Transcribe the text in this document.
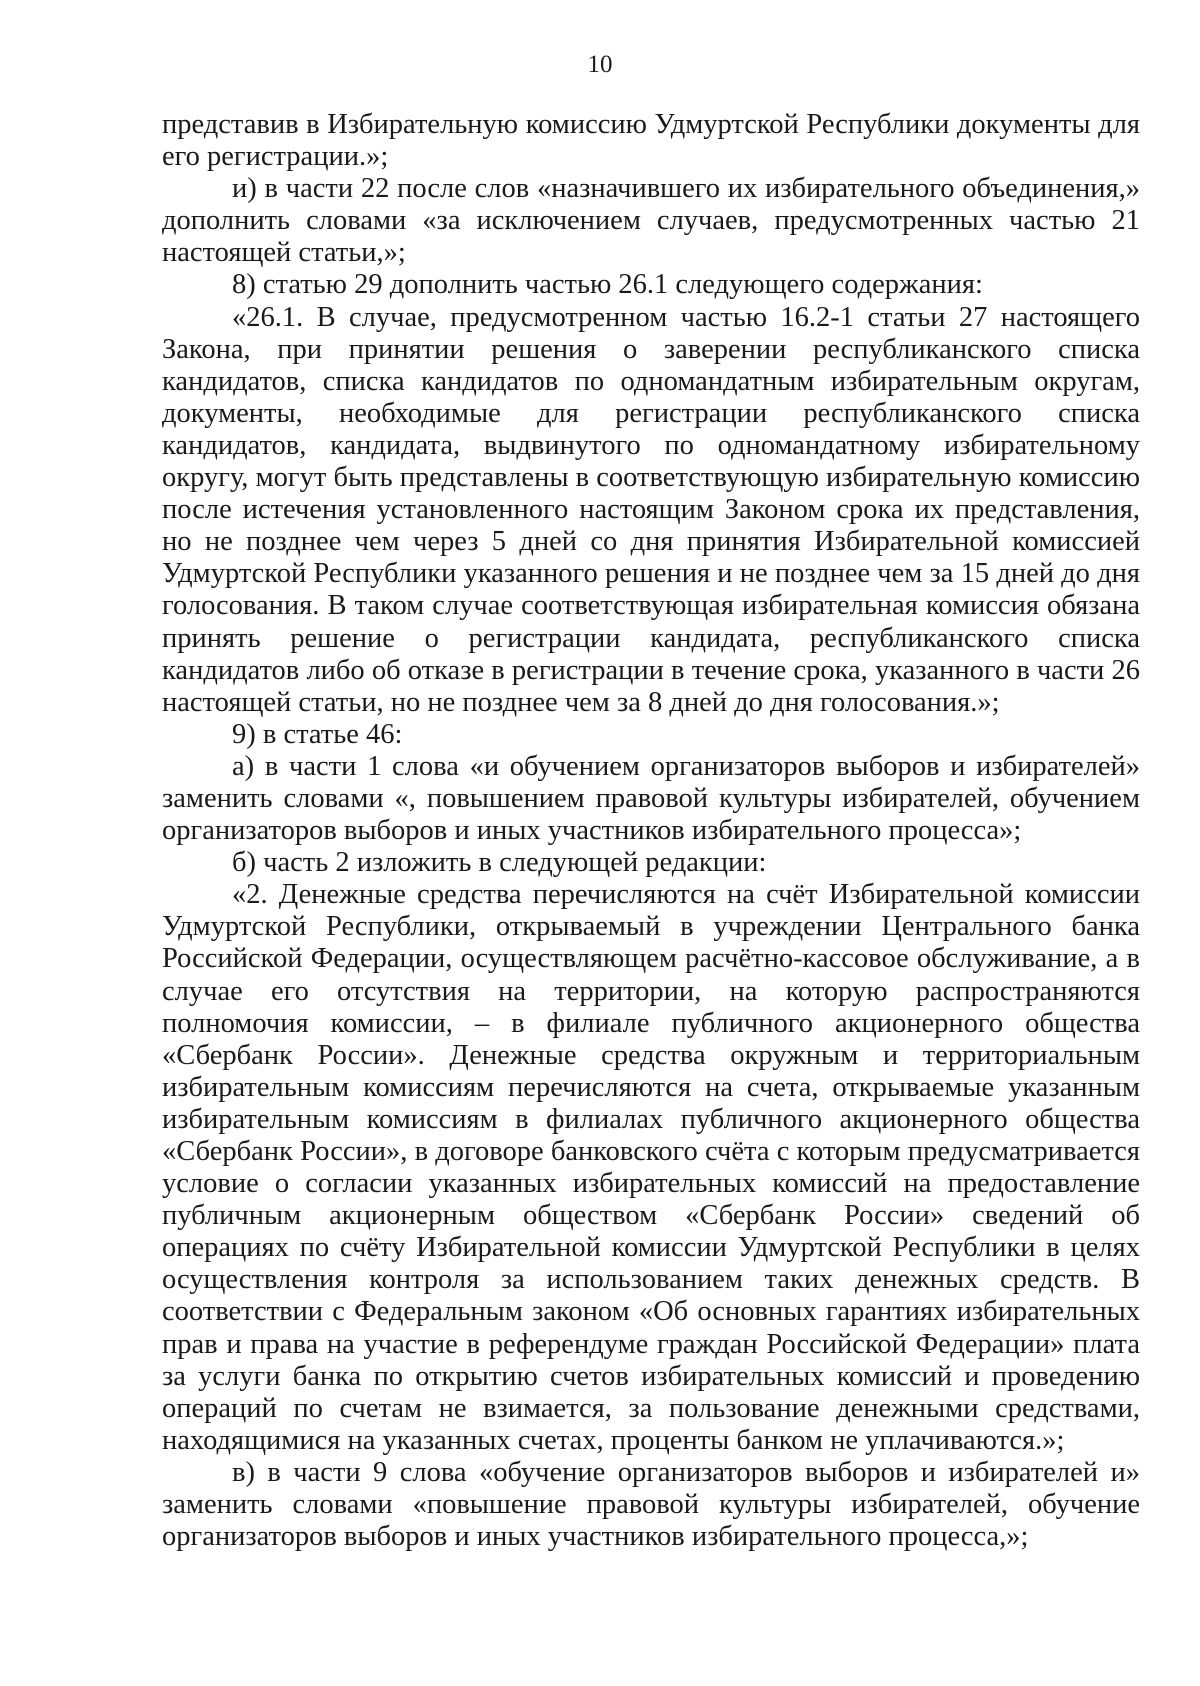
10

представив в Избирательную комиссию Удмуртской Республики документы для его регистрации.»;

и) в части 22 после слов «назначившего их избирательного объединения,» дополнить словами «за исключением случаев, предусмотренных частью 21 настоящей статьи,»;

8) статью 29 дополнить частью 26.1 следующего содержания:

«26.1. В случае, предусмотренном частью 16.2-1 статьи 27 настоящего Закона, при принятии решения о заверении республиканского списка кандидатов, списка кандидатов по одномандатным избирательным округам, документы, необходимые для регистрации республиканского списка кандидатов, кандидата, выдвинутого по одномандатному избирательному округу, могут быть представлены в соответствующую избирательную комиссию после истечения установленного настоящим Законом срока их представления, но не позднее чем через 5 дней со дня принятия Избирательной комиссией Удмуртской Республики указанного решения и не позднее чем за 15 дней до дня голосования. В таком случае соответствующая избирательная комиссия обязана принять решение о регистрации кандидата, республиканского списка кандидатов либо об отказе в регистрации в течение срока, указанного в части 26 настоящей статьи, но не позднее чем за 8 дней до дня голосования.»;

9) в статье 46:

а) в части 1 слова «и обучением организаторов выборов и избирателей» заменить словами «, повышением правовой культуры избирателей, обучением организаторов выборов и иных участников избирательного процесса»;

б) часть 2 изложить в следующей редакции:

«2. Денежные средства перечисляются на счёт Избирательной комиссии Удмуртской Республики, открываемый в учреждении Центрального банка Российской Федерации, осуществляющем расчётно-кассовое обслуживание, а в случае его отсутствия на территории, на которую распространяются полномочия комиссии, – в филиале публичного акционерного общества «Сбербанк России». Денежные средства окружным и территориальным избирательным комиссиям перечисляются на счета, открываемые указанным избирательным комиссиям в филиалах публичного акционерного общества «Сбербанк России», в договоре банковского счёта с которым предусматривается условие о согласии указанных избирательных комиссий на предоставление публичным акционерным обществом «Сбербанк России» сведений об операциях по счёту Избирательной комиссии Удмуртской Республики в целях осуществления контроля за использованием таких денежных средств. В соответствии с Федеральным законом «Об основных гарантиях избирательных прав и права на участие в референдуме граждан Российской Федерации» плата за услуги банка по открытию счетов избирательных комиссий и проведению операций по счетам не взимается, за пользование денежными средствами, находящимися на указанных счетах, проценты банком не уплачиваются.»;

в) в части 9 слова «обучение организаторов выборов и избирателей и» заменить словами «повышение правовой культуры избирателей, обучение организаторов выборов и иных участников избирательного процесса,»;
